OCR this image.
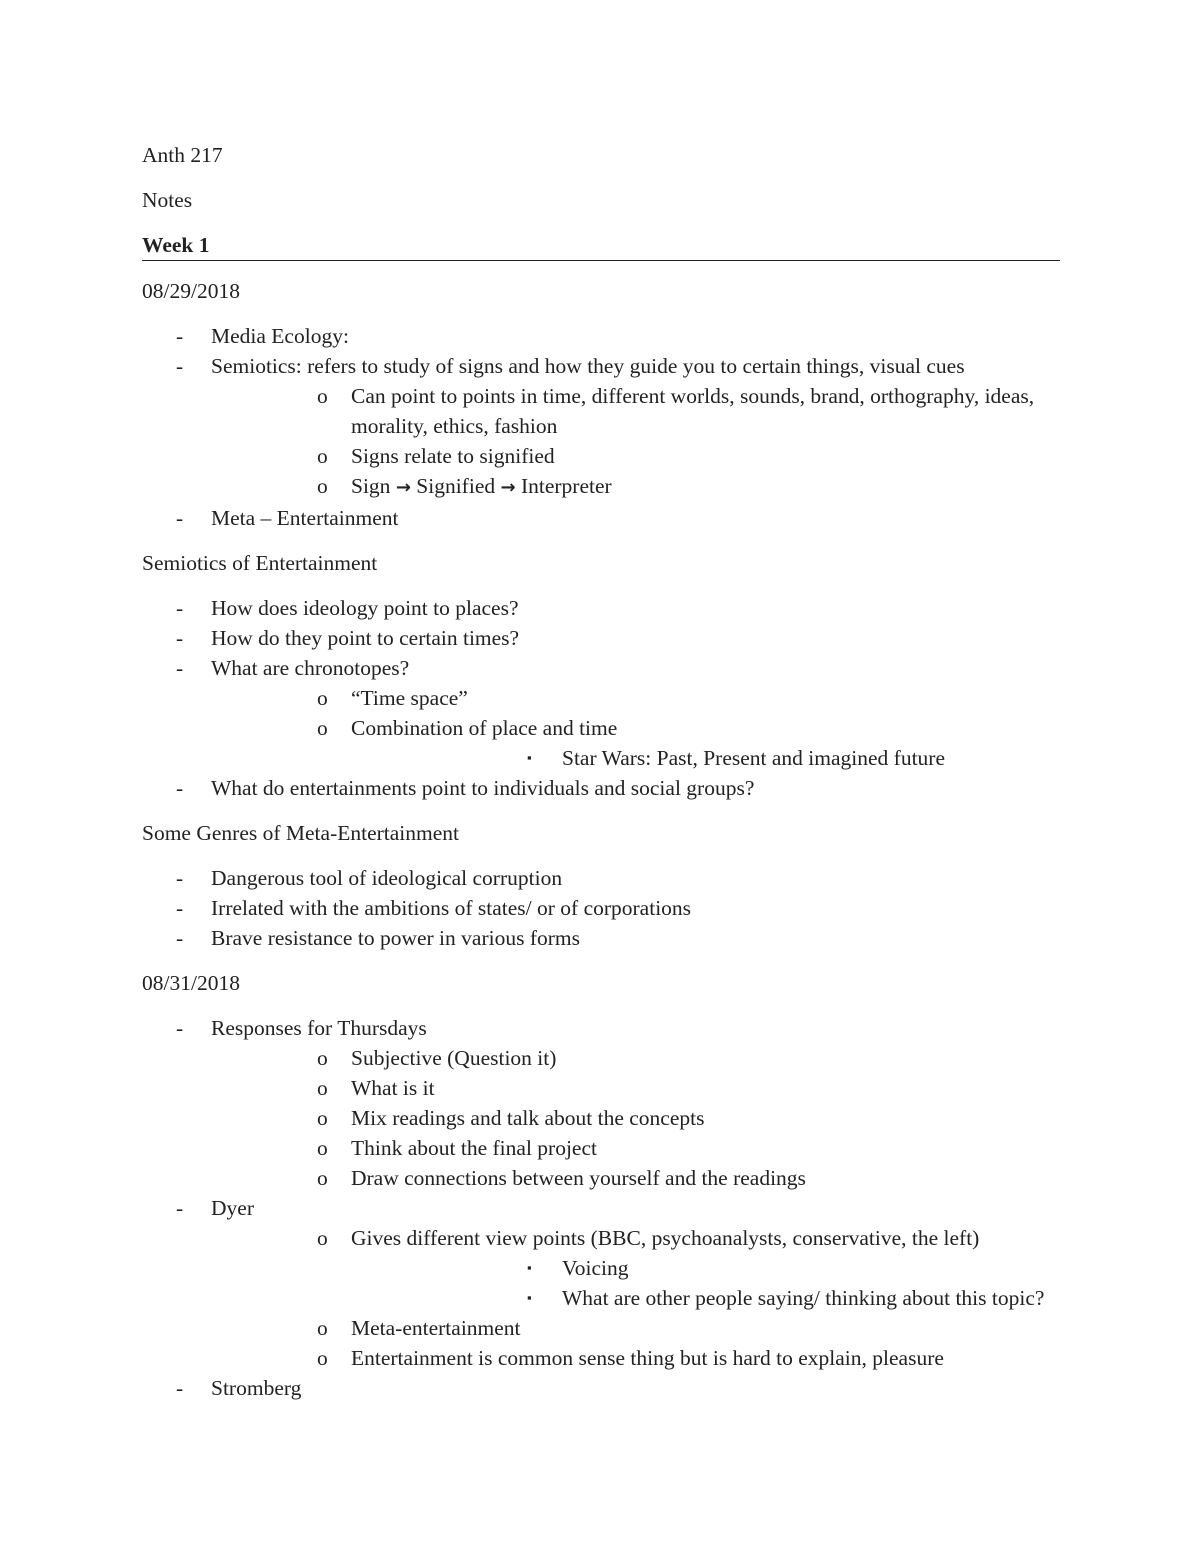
Anth 217

Notes

Week 1

08/29/2018

- Media Ecology:
- Semiotics: refers to study of signs and how they guide you to certain things, visual cues
o Can point to points in time, different worlds, sounds, brand, orthography, ideas, morality, ethics, fashion
o Signs relate to signified
o Sign → Signified → Interpreter
- Meta – Entertainment

Semiotics of Entertainment

- How does ideology point to places?
- How do they point to certain times?
- What are chronotopes?
o “Time space”
o Combination of place and time
▪ Star Wars: Past, Present and imagined future
- What do entertainments point to individuals and social groups?

Some Genres of Meta-Entertainment

- Dangerous tool of ideological corruption
- Irrelated with the ambitions of states/ or of corporations
- Brave resistance to power in various forms

08/31/2018

- Responses for Thursdays
o Subjective (Question it)
o What is it
o Mix readings and talk about the concepts
o Think about the final project
o Draw connections between yourself and the readings
- Dyer
o Gives different view points (BBC, psychoanalysts, conservative, the left)
▪ Voicing
▪ What are other people saying/ thinking about this topic?
o Meta-entertainment
o Entertainment is common sense thing but is hard to explain, pleasure
- Stromberg
